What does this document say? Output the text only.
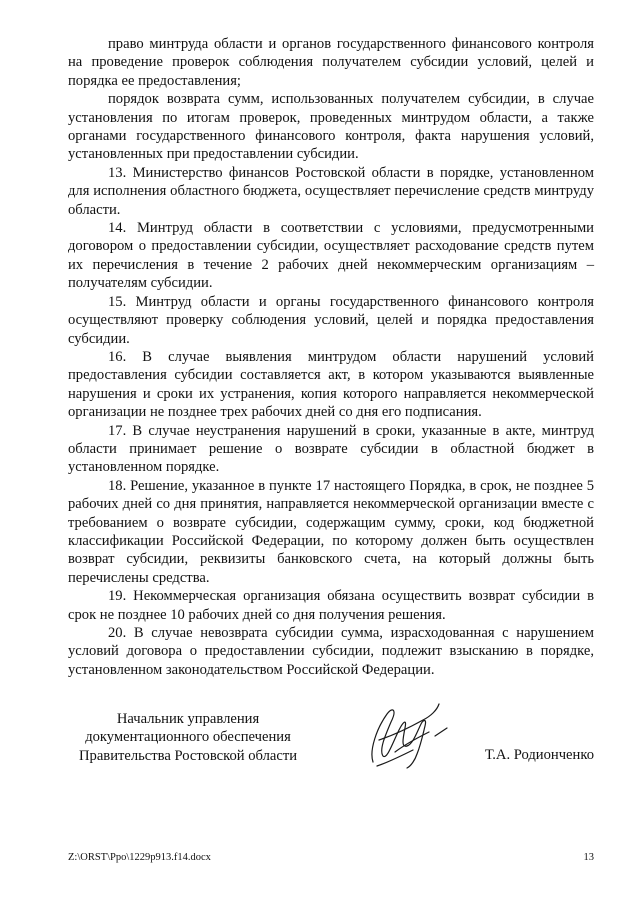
право минтруда области и органов государственного финансового контроля на проведение проверок соблюдения получателем субсидии условий, целей и порядка ее предоставления;

порядок возврата сумм, использованных получателем субсидии, в случае установления по итогам проверок, проведенных минтрудом области, а также органами государственного финансового контроля, факта нарушения условий, установленных при предоставлении субсидии.

13. Министерство финансов Ростовской области в порядке, установленном для исполнения областного бюджета, осуществляет перечисление средств минтруду области.

14. Минтруд области в соответствии с условиями, предусмотренными договором о предоставлении субсидии, осуществляет расходование средств путем их перечисления в течение 2 рабочих дней некоммерческим организациям – получателям субсидии.

15. Минтруд области и органы государственного финансового контроля осуществляют проверку соблюдения условий, целей и порядка предоставления субсидии.

16. В случае выявления минтрудом области нарушений условий предоставления субсидии составляется акт, в котором указываются выявленные нарушения и сроки их устранения, копия которого направляется некоммерческой организации не позднее трех рабочих дней со дня его подписания.

17. В случае неустранения нарушений в сроки, указанные в акте, минтруд области принимает решение о возврате субсидии в областной бюджет в установленном порядке.

18. Решение, указанное в пункте 17 настоящего Порядка, в срок, не позднее 5 рабочих дней со дня принятия, направляется некоммерческой организации вместе с требованием о возврате субсидии, содержащим сумму, сроки, код бюджетной классификации Российской Федерации, по которому должен быть осуществлен возврат субсидии, реквизиты банковского счета, на который должны быть перечислены средства.

19. Некоммерческая организация обязана осуществить возврат субсидии в срок не позднее 10 рабочих дней со дня получения решения.

20. В случае невозврата субсидии сумма, израсходованная с нарушением условий договора о предоставлении субсидии, подлежит взысканию в порядке, установленном законодательством Российской Федерации.

Начальник управления
документационного обеспечения
Правительства Ростовской области	Т.А. Родионченко
Z:\ORST\Ppo\1229p913.f14.docx	13
